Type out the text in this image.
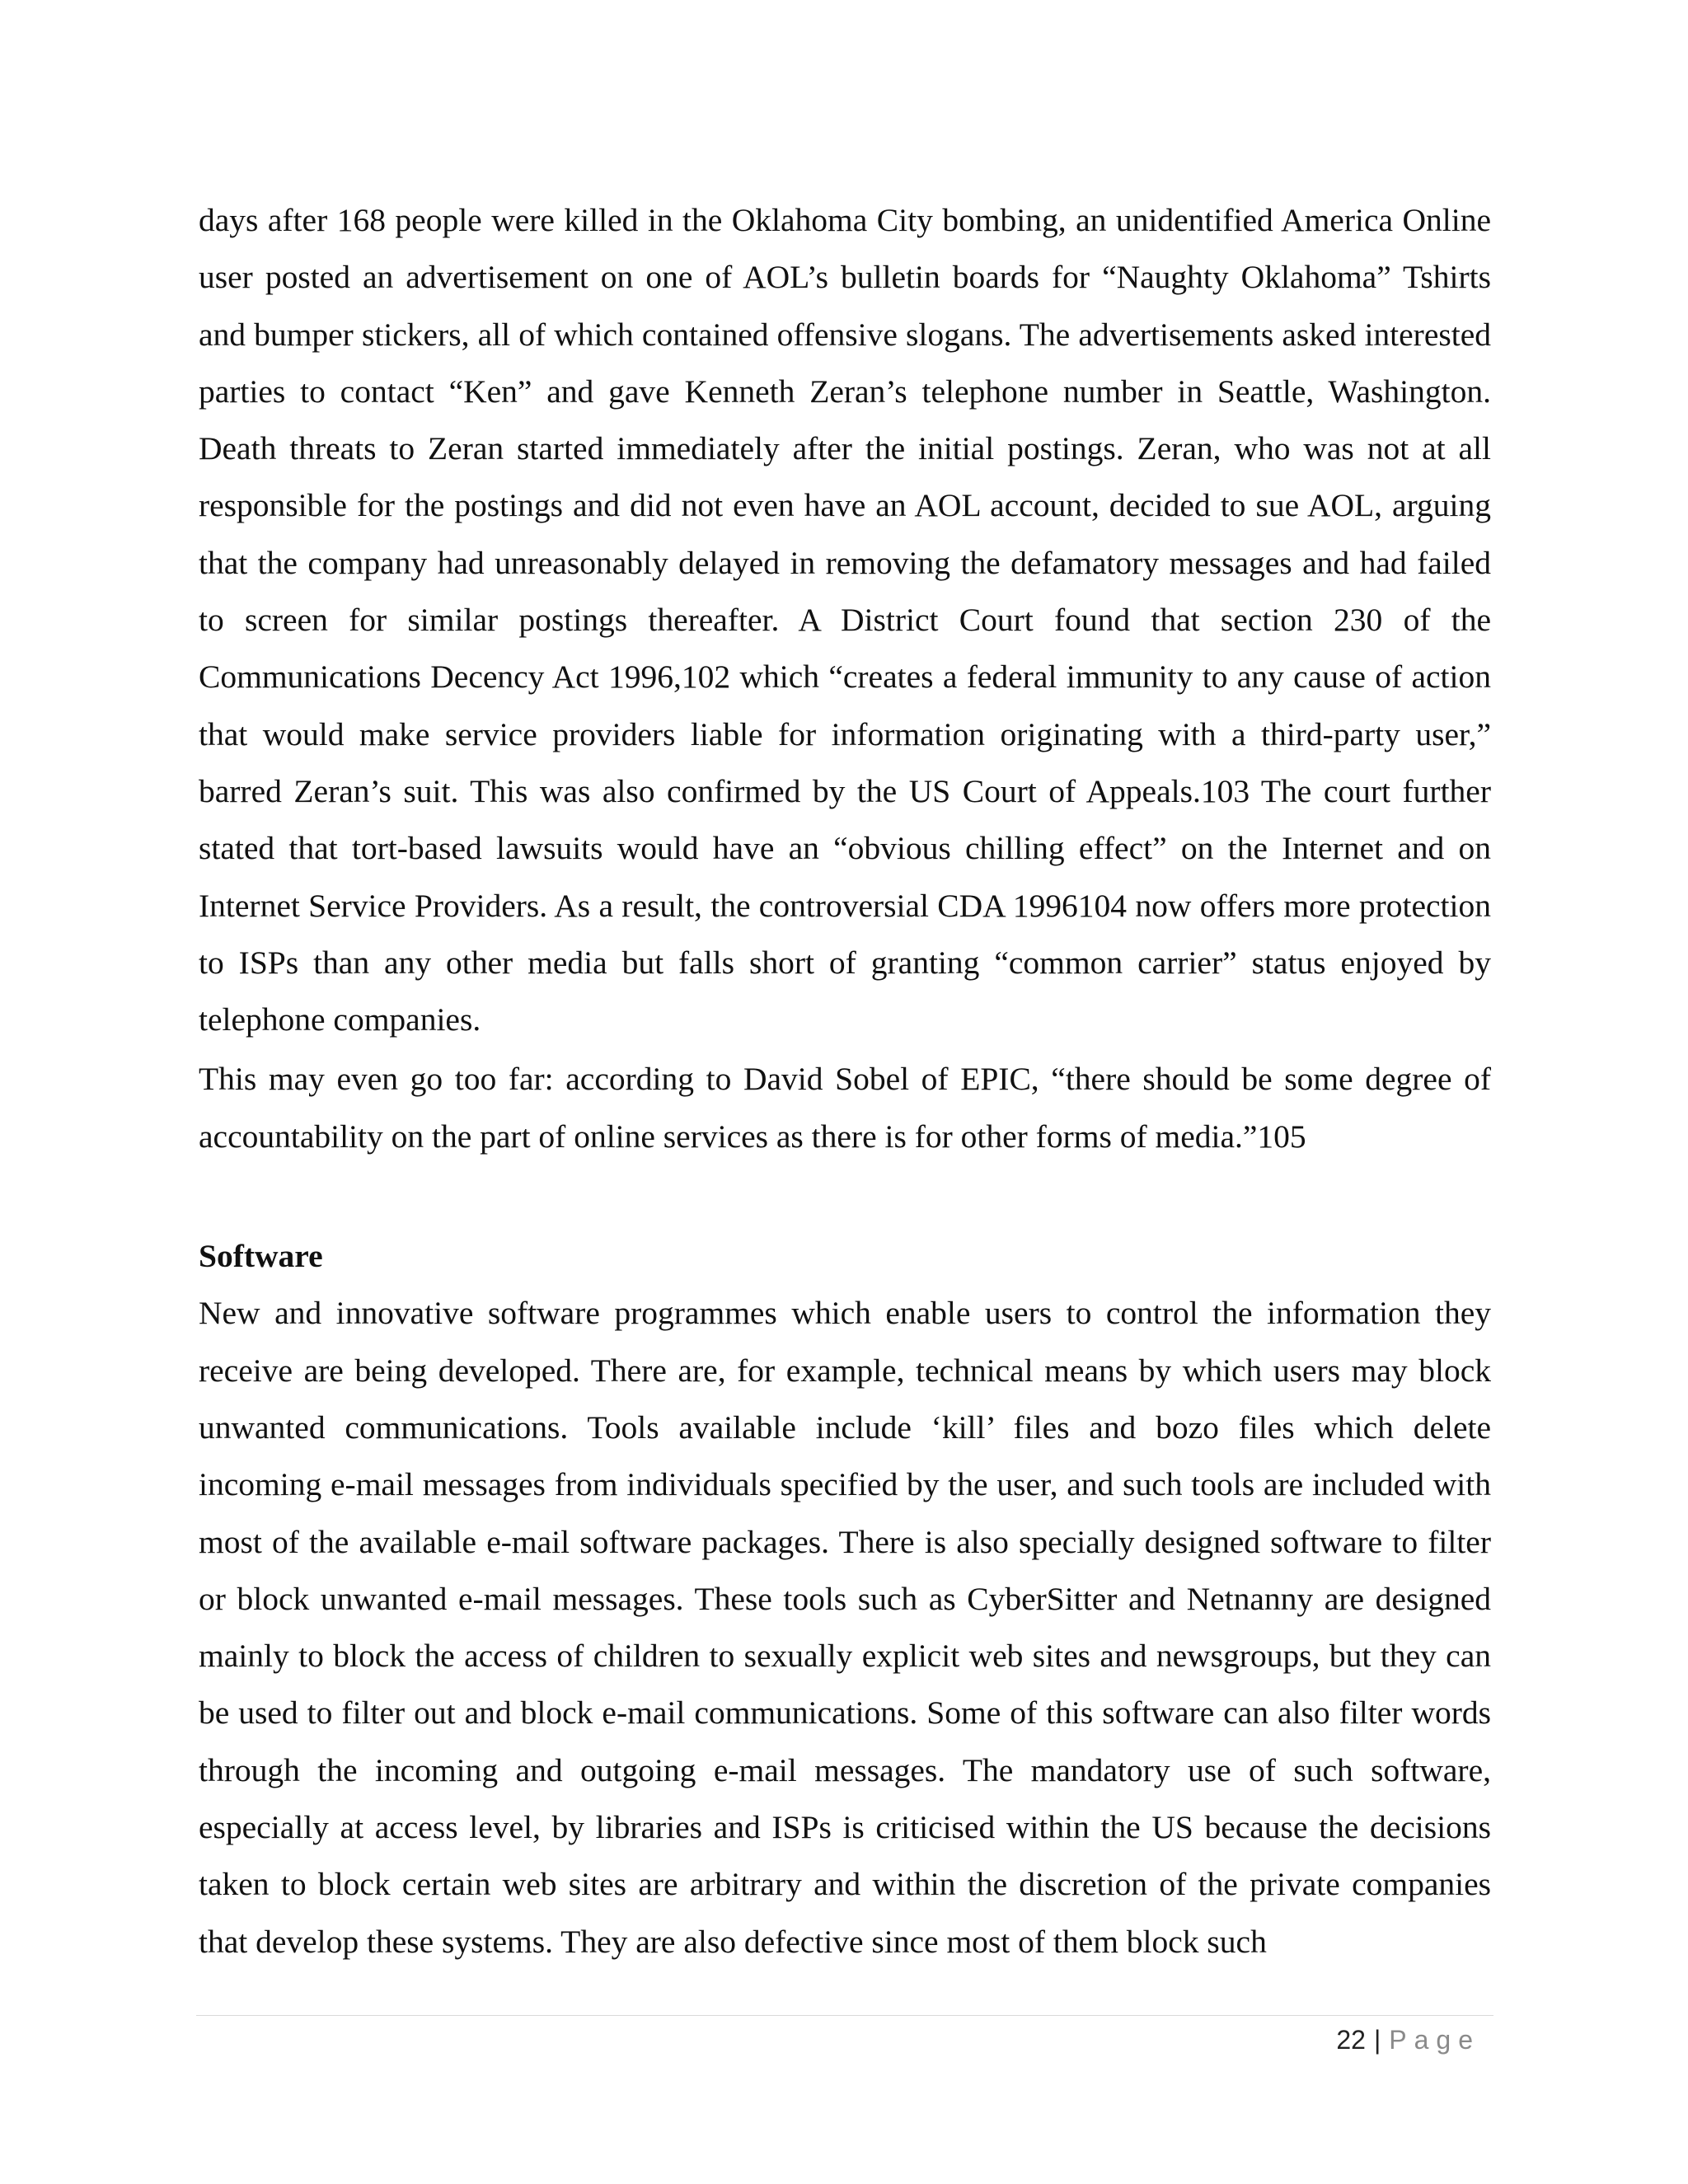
days after 168 people were killed in the Oklahoma City bombing, an unidentified America Online user posted an advertisement on one of AOL’s bulletin boards for “Naughty Oklahoma” Tshirts and bumper stickers, all of which contained offensive slogans. The advertisements asked interested parties to contact “Ken” and gave Kenneth Zeran’s telephone number in Seattle, Washington. Death threats to Zeran started immediately after the initial postings. Zeran, who was not at all responsible for the postings and did not even have an AOL account, decided to sue AOL, arguing that the company had unreasonably delayed in removing the defamatory messages and had failed to screen for similar postings thereafter. A District Court found that section 230 of the Communications Decency Act 1996,102 which “creates a federal immunity to any cause of action that would make service providers liable for information originating with a third-party user,” barred Zeran’s suit. This was also confirmed by the US Court of Appeals.103 The court further stated that tort-based lawsuits would have an “obvious chilling effect” on the Internet and on Internet Service Providers. As a result, the controversial CDA 1996104 now offers more protection to ISPs than any other media but falls short of granting “common carrier” status enjoyed by telephone companies.

This may even go too far: according to David Sobel of EPIC, “there should be some degree of accountability on the part of online services as there is for other forms of media.”105

Software

New and innovative software programmes which enable users to control the information they receive are being developed. There are, for example, technical means by which users may block unwanted communications. Tools available include ‘kill’ files and bozo files which delete incoming e-mail messages from individuals specified by the user, and such tools are included with most of the available e-mail software packages. There is also specially designed software to filter or block unwanted e-mail messages. These tools such as CyberSitter and Netnanny are designed mainly to block the access of children to sexually explicit web sites and newsgroups, but they can be used to filter out and block e-mail communications. Some of this software can also filter words through the incoming and outgoing e-mail messages. The mandatory use of such software, especially at access level, by libraries and ISPs is criticised within the US because the decisions taken to block certain web sites are arbitrary and within the discretion of the private companies that develop these systems. They are also defective since most of them block such

22 | Page
